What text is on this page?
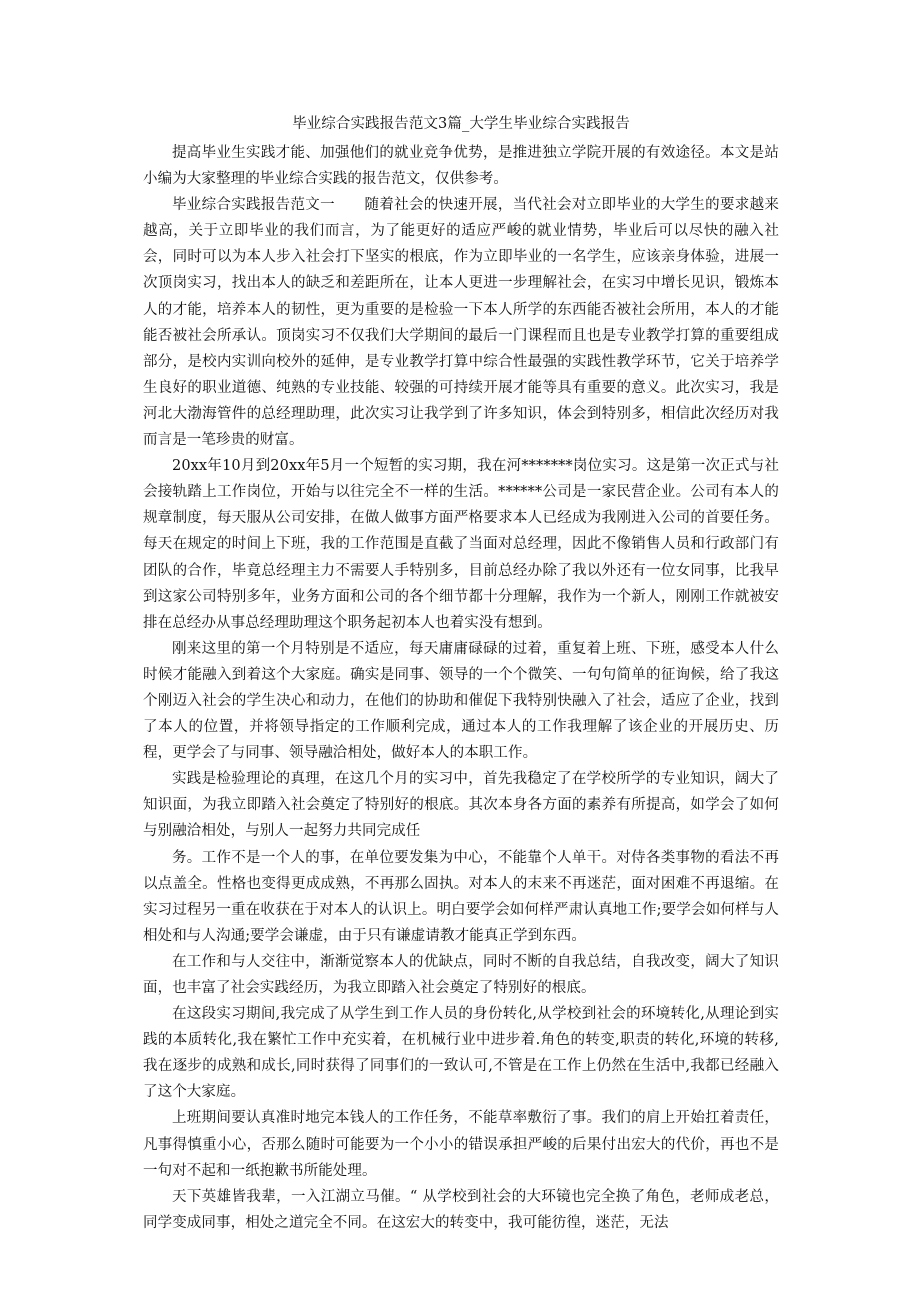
毕业综合实践报告范文3篇_大学生毕业综合实践报告

提高毕业生实践才能、加强他们的就业竞争优势，是推进独立学院开展的有效途径。本文是站小编为大家整理的毕业综合实践的报告范文，仅供参考。

毕业综合实践报告范文一　　随着社会的快速开展，当代社会对立即毕业的大学生的要求越来越高，关于立即毕业的我们而言，为了能更好的适应严峻的就业情势，毕业后可以尽快的融入社会，同时可以为本人步入社会打下坚实的根底，作为立即毕业的一名学生，应该亲身体验，进展一次顶岗实习，找出本人的缺乏和差距所在，让本人更进一步理解社会，在实习中增长见识，锻炼本人的才能，培养本人的韧性，更为重要的是检验一下本人所学的东西能否被社会所用，本人的才能能否被社会所承认。顶岗实习不仅我们大学期间的最后一门课程而且也是专业教学打算的重要组成部分，是校内实训向校外的延伸，是专业教学打算中综合性最强的实践性教学环节，它关于培养学生良好的职业道德、纯熟的专业技能、较强的可持续开展才能等具有重要的意义。此次实习，我是河北大渤海管件的总经理助理，此次实习让我学到了许多知识，体会到特别多，相信此次经历对我而言是一笔珍贵的财富。

20xx年10月到20xx年5月一个短暂的实习期，我在河*******岗位实习。这是第一次正式与社会接轨踏上工作岗位，开始与以往完全不一样的生活。******公司是一家民营企业。公司有本人的规章制度，每天服从公司安排，在做人做事方面严格要求本人已经成为我刚进入公司的首要任务。每天在规定的时间上下班，我的工作范围是直截了当面对总经理，因此不像销售人员和行政部门有团队的合作，毕竟总经理主力不需要人手特别多，目前总经办除了我以外还有一位女同事，比我早到这家公司特别多年，业务方面和公司的各个细节都十分理解，我作为一个新人，刚刚工作就被安排在总经办从事总经理助理这个职务起初本人也着实没有想到。

刚来这里的第一个月特别是不适应，每天庸庸碌碌的过着，重复着上班、下班，感受本人什么时候才能融入到着这个大家庭。确实是同事、领导的一个个微笑、一句句简单的征询候，给了我这个刚迈入社会的学生决心和动力，在他们的协助和催促下我特别快融入了社会，适应了企业，找到了本人的位置，并将领导指定的工作顺利完成，通过本人的工作我理解了该企业的开展历史、历程，更学会了与同事、领导融洽相处，做好本人的本职工作。

实践是检验理论的真理，在这几个月的实习中，首先我稳定了在学校所学的专业知识，阔大了知识面，为我立即踏入社会奠定了特别好的根底。其次本身各方面的素养有所提高，如学会了如何与别融洽相处，与别人一起努力共同完成任

务。工作不是一个人的事，在单位要发集为中心，不能靠个人单干。对侍各类事物的看法不再以点盖全。性格也变得更成成熟，不再那么固执。对本人的末来不再迷茫，面对困难不再退缩。在实习过程另一重在收获在于对本人的认识上。明白要学会如何样严肃认真地工作;要学会如何样与人相处和与人沟通;要学会谦虚，由于只有谦虚请教才能真正学到东西。

在工作和与人交往中，渐渐觉察本人的优缺点，同时不断的自我总结，自我改变，阔大了知识面，也丰富了社会实践经历，为我立即踏入社会奠定了特别好的根底。

在这段实习期间,我完成了从学生到工作人员的身份转化,从学校到社会的环境转化,从理论到实践的本质转化,我在繁忙工作中充实着，在机械行业中进步着.角色的转变,职责的转化,环境的转移,我在逐步的成熟和成长,同时获得了同事们的一致认可,不管是在工作上仍然在生活中,我都已经融入了这个大家庭。

上班期间要认真准时地完本钱人的工作任务，不能草率敷衍了事。我们的肩上开始扛着责任，凡事得慎重小心，否那么随时可能要为一个小小的错误承担严峻的后果付出宏大的代价，再也不是一句对不起和一纸抱歉书所能处理。

天下英雄皆我辈，一入江湖立马催。“ 从学校到社会的大环镜也完全换了角色，老师成老总，同学变成同事，相处之道完全不同。在这宏大的转变中，我可能彷徨，迷茫，无法
